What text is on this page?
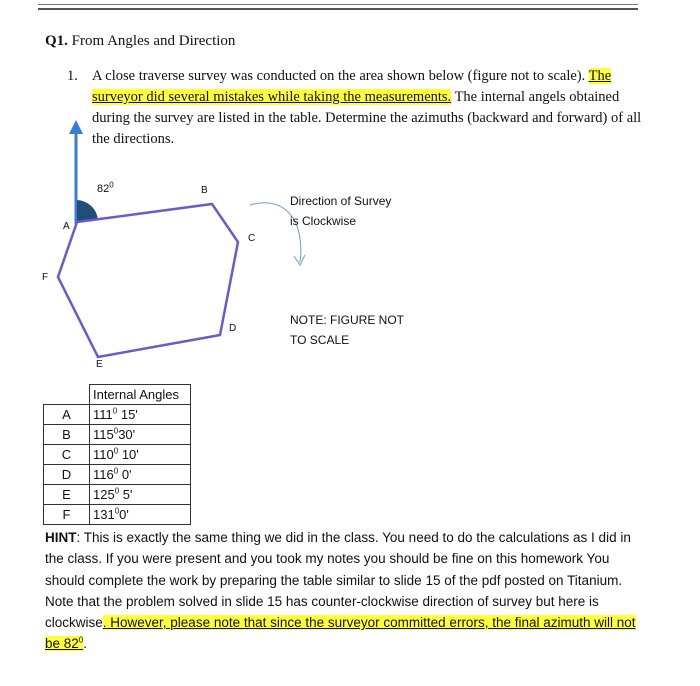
Q1. From Angles and Direction
1. A close traverse survey was conducted on the area shown below (figure not to scale). The surveyor did several mistakes while taking the measurements. The internal angels obtained during the survey are listed in the table. Determine the azimuths (backward and forward) of all the directions.
$82^0$
A
B
C
D
E
F
Direction of Survey
is Clockwise
NOTE: FIGURE NOT
TO SCALE
	Internal Angles
A	$111^0$ 15'
B	$115^030'$
C	$110^0$ 10'
D	$116^0$ 0'
E	$125^0$ 5'
F	$131^00'$
HINT: This is exactly the same thing we did in the class. You need to do the calculations as I did in the class. If you were present and you took my notes you should be fine on this homework You should complete the work by preparing the table similar to slide 15 of the pdf posted on Titanium. Note that the problem solved in slide 15 has counter-clockwise direction of survey but here is clockwise. However, please note that since the surveyor committed errors, the final azimuth will not be $82^0$.
